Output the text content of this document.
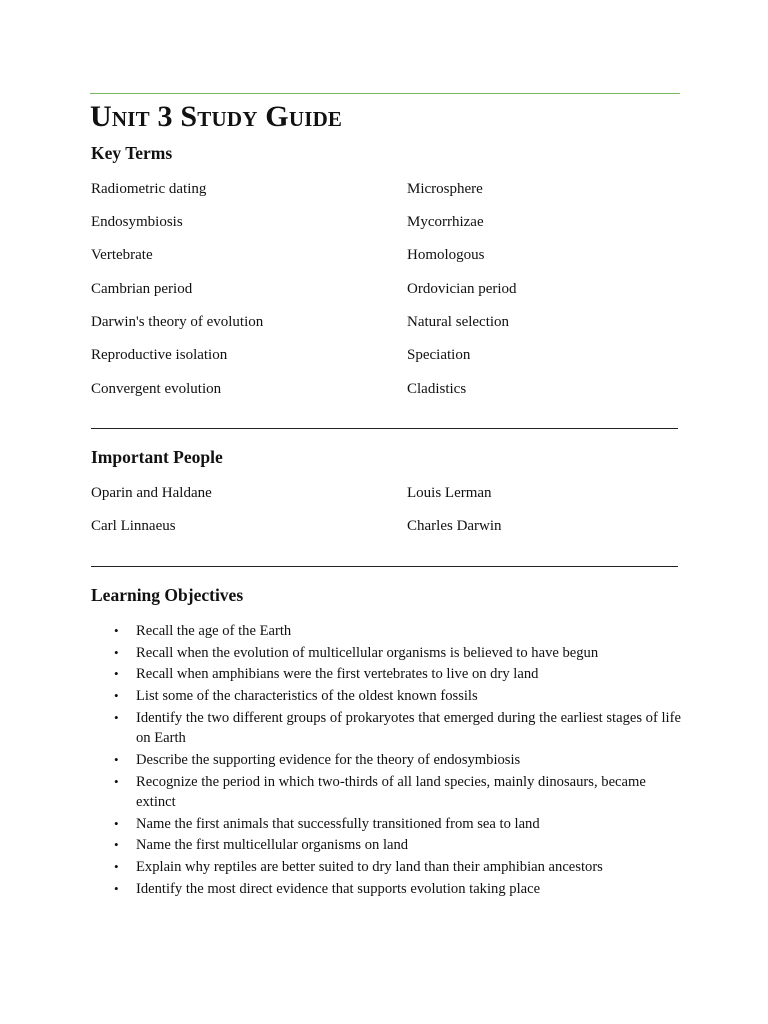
Unit 3 Study Guide
Key Terms
Radiometric dating	Microsphere
Endosymbiosis	Mycorrhizae
Vertebrate	Homologous
Cambrian period	Ordovician period
Darwin's theory of evolution	Natural selection
Reproductive isolation	Speciation
Convergent evolution	Cladistics
Important People
Oparin and Haldane	Louis Lerman
Carl Linnaeus	Charles Darwin
Learning Objectives
• Recall the age of the Earth
• Recall when the evolution of multicellular organisms is believed to have begun
• Recall when amphibians were the first vertebrates to live on dry land
• List some of the characteristics of the oldest known fossils
• Identify the two different groups of prokaryotes that emerged during the earliest stages of life on Earth
• Describe the supporting evidence for the theory of endosymbiosis
• Recognize the period in which two-thirds of all land species, mainly dinosaurs, became extinct
• Name the first animals that successfully transitioned from sea to land
• Name the first multicellular organisms on land
• Explain why reptiles are better suited to dry land than their amphibian ancestors
• Identify the most direct evidence that supports evolution taking place
